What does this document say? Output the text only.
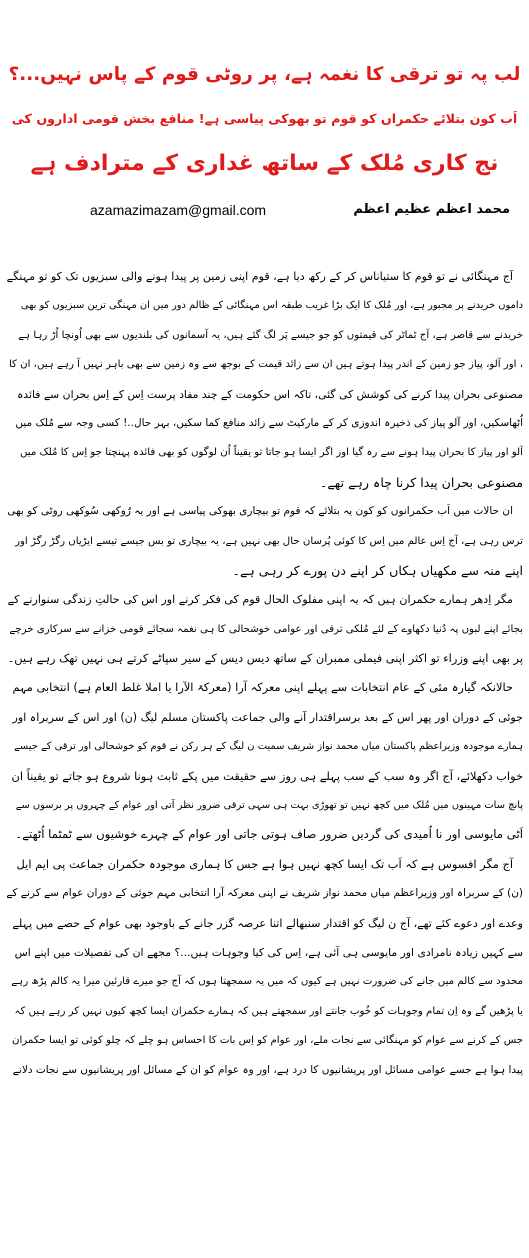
لب پہ تو ترقی کا نغمہ ہے، پر روٹی قوم کے پاس نہیں...؟
اَب کون بتلائے حکمراں کو قوم تو بھوکی پیاسی ہے! منافع بخش قومی اداروں کی
نج کاری مُلک کے ساتھ غداری کے مترادف ہے
محمد اعظم عظیم اعظم
azamazimazam@gmail.com
آج مہنگائی نے تو قوم کا ستیاناس کر کے رکھ دیا ہے، قوم اپنی زمین پر پیدا ہونے والی سبزیوں تک کو تو مہنگے
داموں خریدنے پر مجبور ہے، اور مُلک کا ایک بڑا غریب طبقہ اس مہنگائی کے ظالم دور میں ان مہنگی ترین سبزیوں کو بھی
خریدنے سے قاصر ہے، آج ٹماٹر کی قیمتوں کو جو جیسے پَر لگ گئے ہیں، یہ آسمانوں کی بلندیوں سے بھی اُونچا اُڑ رہا ہے
، اور آلو، پیاز جو زمین کے اندر پیدا ہوتے ہیں ان سے زائد قیمت کے بوجھ سے وہ زمین سے بھی باہر نہیں آ رہے ہیں، ان کا
مصنوعی بحران پیدا کرنے کی کوشش کی گئی، تاکہ اس حکومت کے چند مفاد پرست اِس کے اِس بحران سے فائدہ
اُٹھاسکیں، اور آلو پیاز کی ذخیرہ اندوزی کر کے مارکیٹ سے زائد منافع کما سکیں، بہر حال..! کسی وجہ سے مُلک میں
آلو اور پیاز کا بحران پیدا ہونے سے رہ گیا اور اگر ایسا ہو جاتا تو یقیناً اُن لوگوں کو بھی فائدہ پہنچتا جو اِس کا مُلک میں
مصنوعی بحران پیدا کرنا چاہ رہے تھے۔
ان حالات میں اَب حکمرانوں کو کون یہ بتلائے کہ قوم تو بیچاری بھوکی پیاسی ہے اور یہ رُوکھی سُوکھی روٹی کو بھی
ترس رہی ہے، آج اِس عالم میں اِس کا کوئی پُرسان حال بھی نہیں ہے، یہ بیچاری تو بس جیسے تیسے ایڑیاں رگڑ رگڑ اور
اپنے منہ سے مکھیاں ہکاں کر اپنے دن پورے کر رہی ہے۔
مگر اِدھر ہمارے حکمران ہیں کہ یہ اپنی مفلوک الحال قوم کی فکر کرنے اور اس کی حالتِ زندگی سنوارنے کے
بجائے اپنے لبوں پہ دُنیا دکھاوے کے لئے مُلکی ترقی اور عوامی خوشحالی کا ہی نغمہ سجائے قومی خزانے سے سرکاری خرچے
پر بھی اپنے وزراء تو اکثر اپنی فیملی ممبران کے ساتھ دیس دیس کے سیر سپاٹے کرتے ہی نہیں تھک رہے ہیں۔
حالانکہ گیارہ مئی کے عام انتخابات سے پہلے اپنی معرکہ آرا (معرکۃ الآرا یا املا غلط العام ہے) انتخابی مہم
جوئی کے دوران اور پھر اس کے بعد برسراقتدار آنے والی جماعت پاکستان مسلم لیگ (ن) اور اس کے سربراہ اور
ہمارے موجودہ وزیراعظم پاکستان میاں محمد نواز شریف سمیت ن لیگ کے ہر رکن نے قوم کو خوشحالی اور ترقی کے جیسے
خواب دکھلائے، آج اگر وہ سب کے سب پہلے ہی روز سے حقیقت میں پکے ثابت ہونا شروع ہو جاتے تو یقیناً ان
پانچ سات مہینوں میں مُلک میں کچھ نہیں تو تھوڑی بہت ہی سہی ترقی ضرور نظر آتی اور عوام کے چہروں پر برسوں سے
اَٹی مایوسی اور نا اُمیدی کی گردیں ضرور صاف ہوتی جاتی اور عوام کے چہرے خوشیوں سے ٹمٹما اُٹھتے۔
آج مگر افسوس ہے کہ اَب تک ایسا کچھ نہیں ہوا ہے جس کا ہماری موجودہ حکمران جماعت پی ایم ایل
(ن) کے سربراہ اور وزیراعظم میاں محمد نواز شریف نے اپنی معرکہ آرا انتخابی مہم جوئی کے دوران عوام سے کرنے کے
وعدے اور دعوے کئے تھے، آج ن لیگ کو اقتدار سنبھالے اتنا عرصہ گزر جانے کے باوجود بھی عوام کے حصے میں پہلے
سے کہیں زیادہ نامرادی اور مایوسی ہی آئی ہے، اِس کی کیا وجوہات ہیں...؟ مجھے ان کی تفصیلات میں اپنے اس
محدود سے کالم میں جانے کی ضرورت نہیں ہے کیوں کہ میں یہ سمجھتا ہوں کہ آج جو میرے قارئین میرا یہ کالم پڑھ رہے
یا پڑھیں گے وہ اِن تمام وجوہات کو خُوب جانتے اور سمجھتے ہیں کہ ہمارے حکمران ایسا کچھ کیوں نہیں کر رہے ہیں کہ
جس کے کرنے سے عوام کو مہنگائی سے نجات ملے، اور عوام کو اِس بات کا احساس ہو چلے کہ چلو کوئی تو ایسا حکمران
پیدا ہوا ہے جسے عوامی مسائل اور پریشانیوں کا درد ہے، اور وہ عوام کو ان کے مسائل اور پریشانیوں سے نجات دلانے
